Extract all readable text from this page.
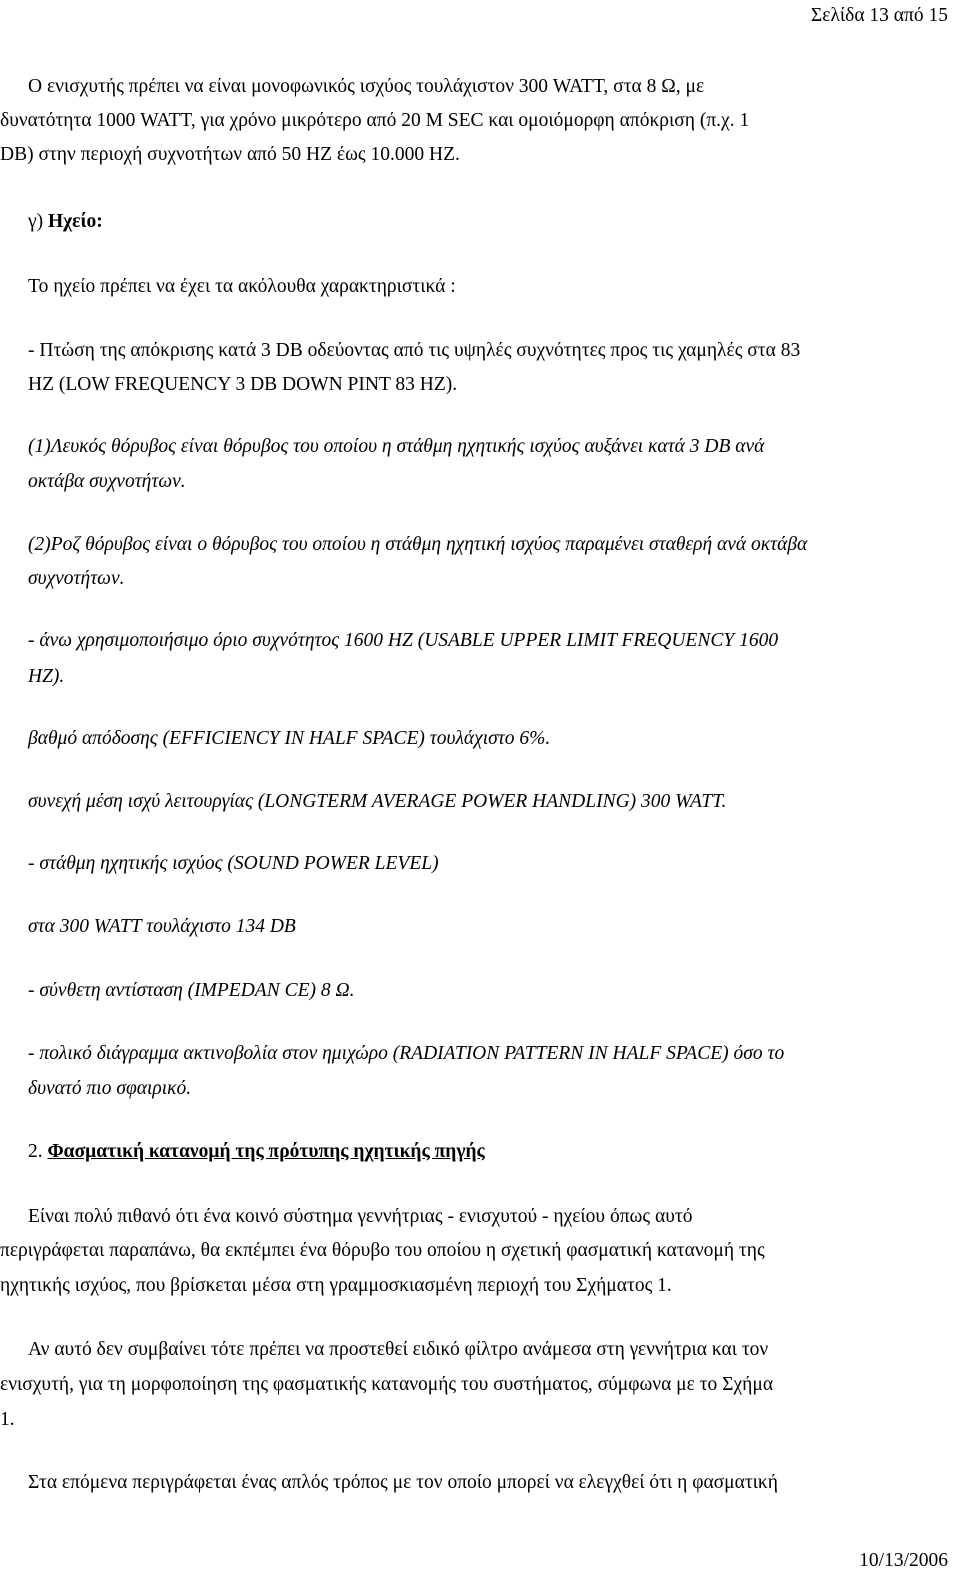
Σελίδα 13 από 15
Ο ενισχυτής πρέπει να είναι μονοφωνικός ισχύος τουλάχιστον 300 WATT, στα 8 Ω, με
δυνατότητα 1000 WATT, για χρόνο μικρότερο από 20 M SEC και ομοιόμορφη απόκριση (π.χ. 1
DB) στην περιοχή συχνοτήτων από 50 HZ έως 10.000 HZ.
γ) Ηχείο:
Το ηχείο πρέπει να έχει τα ακόλουθα χαρακτηριστικά :
- Πτώση της απόκρισης κατά 3 DB οδεύοντας από τις υψηλές συχνότητες προς τις χαμηλές στα 83
HZ (LOW FREQUENCY 3 DB DOWN PINT 83 HZ).
(1)Λευκός θόρυβος είναι θόρυβος του οποίου η στάθμη ηχητικής ισχύος αυξάνει κατά 3 DB ανά
οκτάβα συχνοτήτων.
(2)Ροζ θόρυβος είναι ο θόρυβος του οποίου η στάθμη ηχητική ισχύος παραμένει σταθερή ανά οκτάβα
συχνοτήτων.
- άνω χρησιμοποιήσιμο όριο συχνότητος 1600 HZ (USABLE UPPER LIMIT FREQUENCY 1600
HZ).
βαθμό απόδοσης (EFFICIENCY IN HALF SPACE) τουλάχιστο 6%.
συνεχή μέση ισχύ λειτουργίας (LONGTERM AVERAGE POWER HANDLING) 300 WATT.
- στάθμη ηχητικής ισχύος (SOUND POWER LEVEL)
στα 300 WATT τουλάχιστο 134 DB
- σύνθετη αντίσταση (IMPEDAN CE) 8 Ω.
- πολικό διάγραμμα ακτινοβολία στον ημιχώρο (RADIATION PATTERN IN HALF SPACE) όσο το
δυνατό πιο σφαιρικό.
2. Φασματική κατανομή της πρότυπης ηχητικής πηγής
Είναι πολύ πιθανό ότι ένα κοινό σύστημα γεννήτριας - ενισχυτού - ηχείου όπως αυτό
περιγράφεται παραπάνω, θα εκπέμπει ένα θόρυβο του οποίου η σχετική φασματική κατανομή της
ηχητικής ισχύος, που βρίσκεται μέσα στη γραμμοσκιασμένη περιοχή του Σχήματος 1.
Αν αυτό δεν συμβαίνει τότε πρέπει να προστεθεί ειδικό φίλτρο ανάμεσα στη γεννήτρια και τον
ενισχυτή, για τη μορφοποίηση της φασματικής κατανομής του συστήματος, σύμφωνα με το Σχήμα
1.
Στα επόμενα περιγράφεται ένας απλός τρόπος με τον οποίο μπορεί να ελεγχθεί ότι η φασματική
10/13/2006
